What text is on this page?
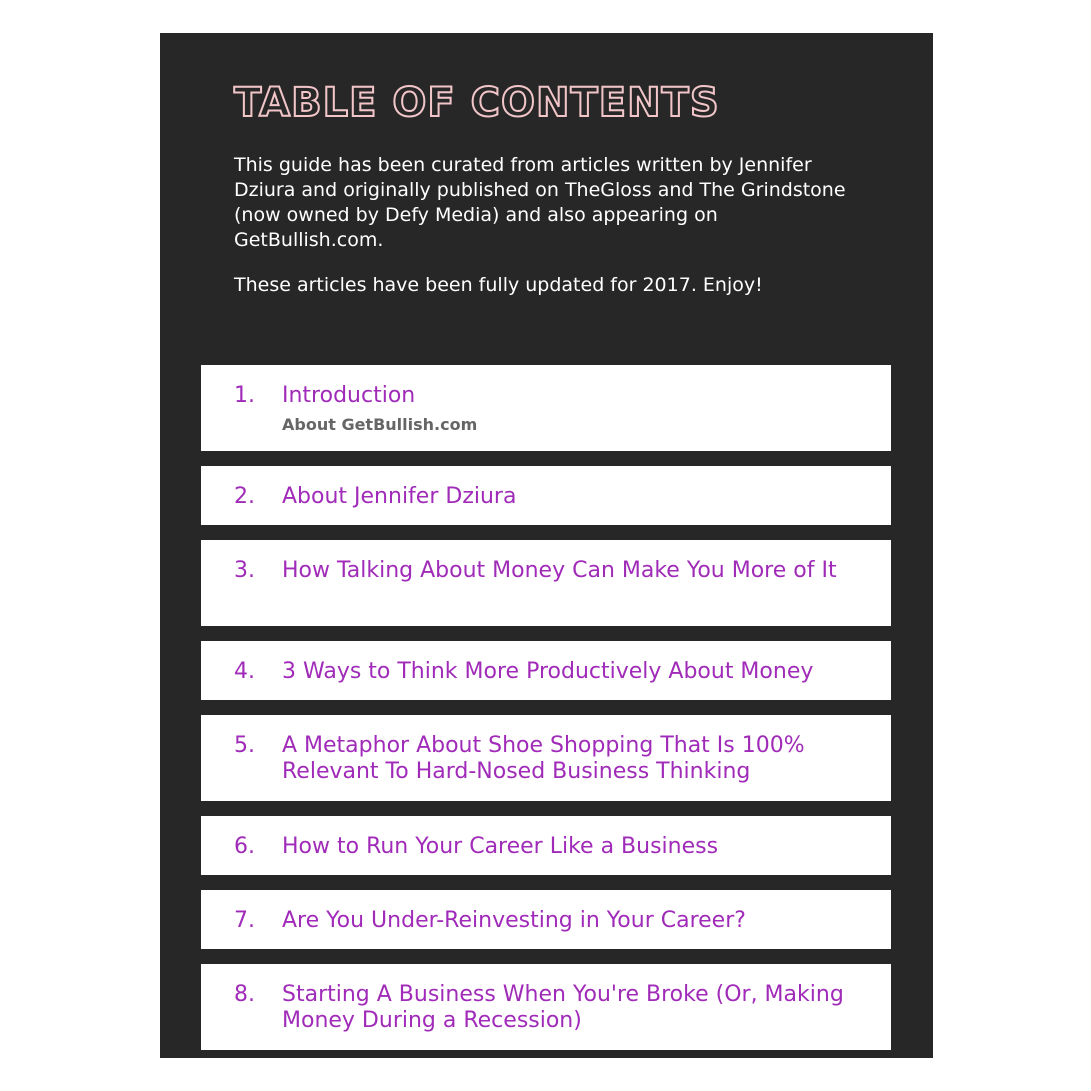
TABLE OF CONTENTS

This guide has been curated from articles written by Jennifer Dziura and originally published on TheGloss and The Grindstone (now owned by Defy Media) and also appearing on GetBullish.com.

These articles have been fully updated for 2017. Enjoy!

1. Introduction
About GetBullish.com
2. About Jennifer Dziura
3. How Talking About Money Can Make You More of It
4. 3 Ways to Think More Productively About Money
5. A Metaphor About Shoe Shopping That Is 100% Relevant To Hard-Nosed Business Thinking
6. How to Run Your Career Like a Business
7. Are You Under-Reinvesting in Your Career?
8. Starting A Business When You're Broke (Or, Making Money During a Recession)
